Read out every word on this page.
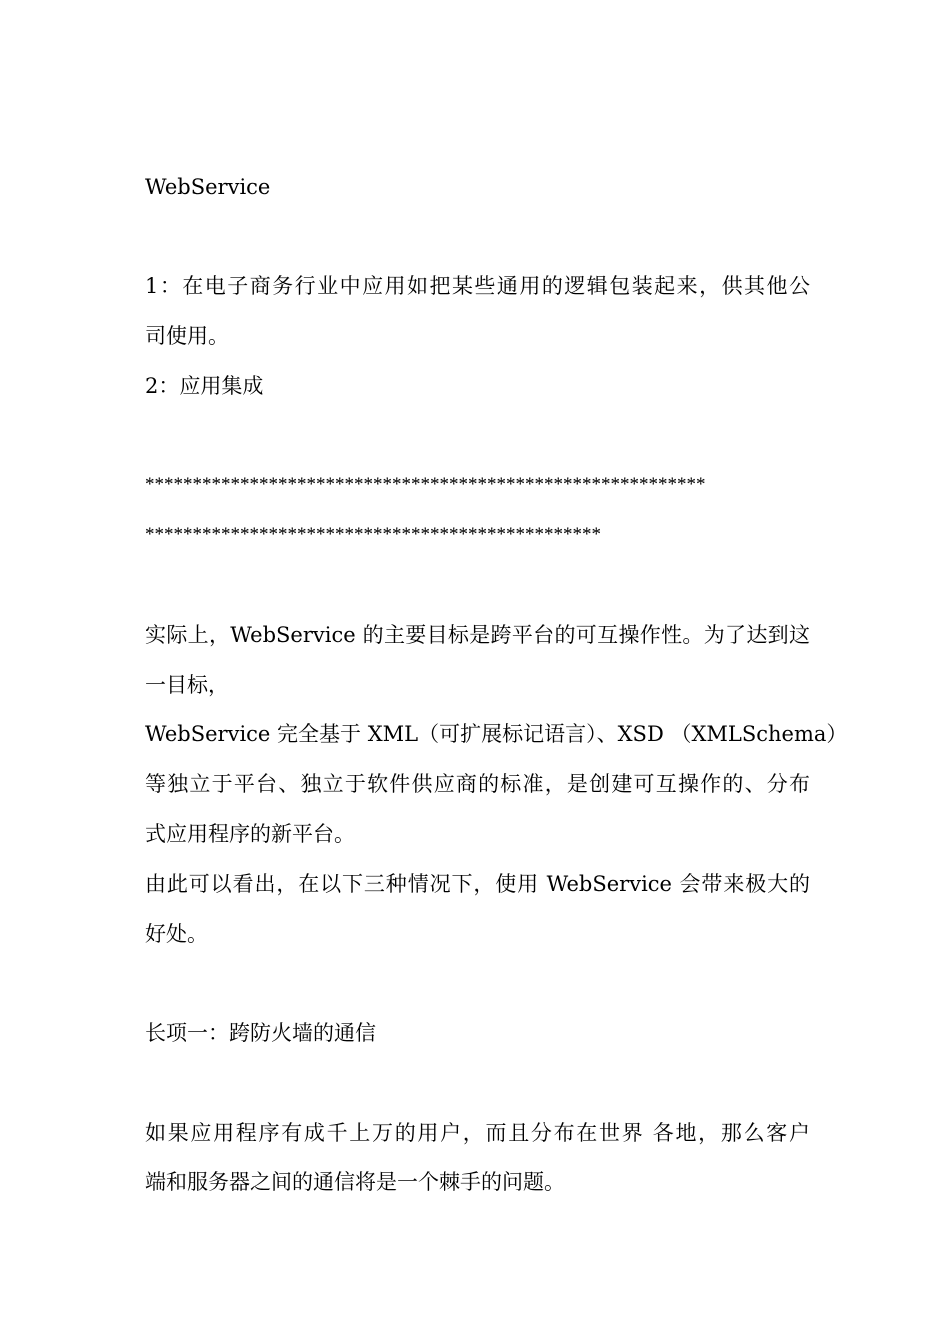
WebService
1：在电子商务行业中应用如把某些通用的逻辑包装起来，供其他公
司使用。
2：应用集成
***********************************************************
************************************************
实际上，WebService 的主要目标是跨平台的可互操作性。为了达到这
一目标，
WebService 完全基于 XML（可扩展标记语言）、XSD （XMLSchema）
等独立于平台、独立于软件供应商的标准，是创建可互操作的、分布
式应用程序的新平台。
由此可以看出，在以下三种情况下，使用 WebService 会带来极大的
好处。
长项一：跨防火墙的通信
如果应用程序有成千上万的用户，而且分布在世界 各地，那么客户
端和服务器之间的通信将是一个棘手的问题。
